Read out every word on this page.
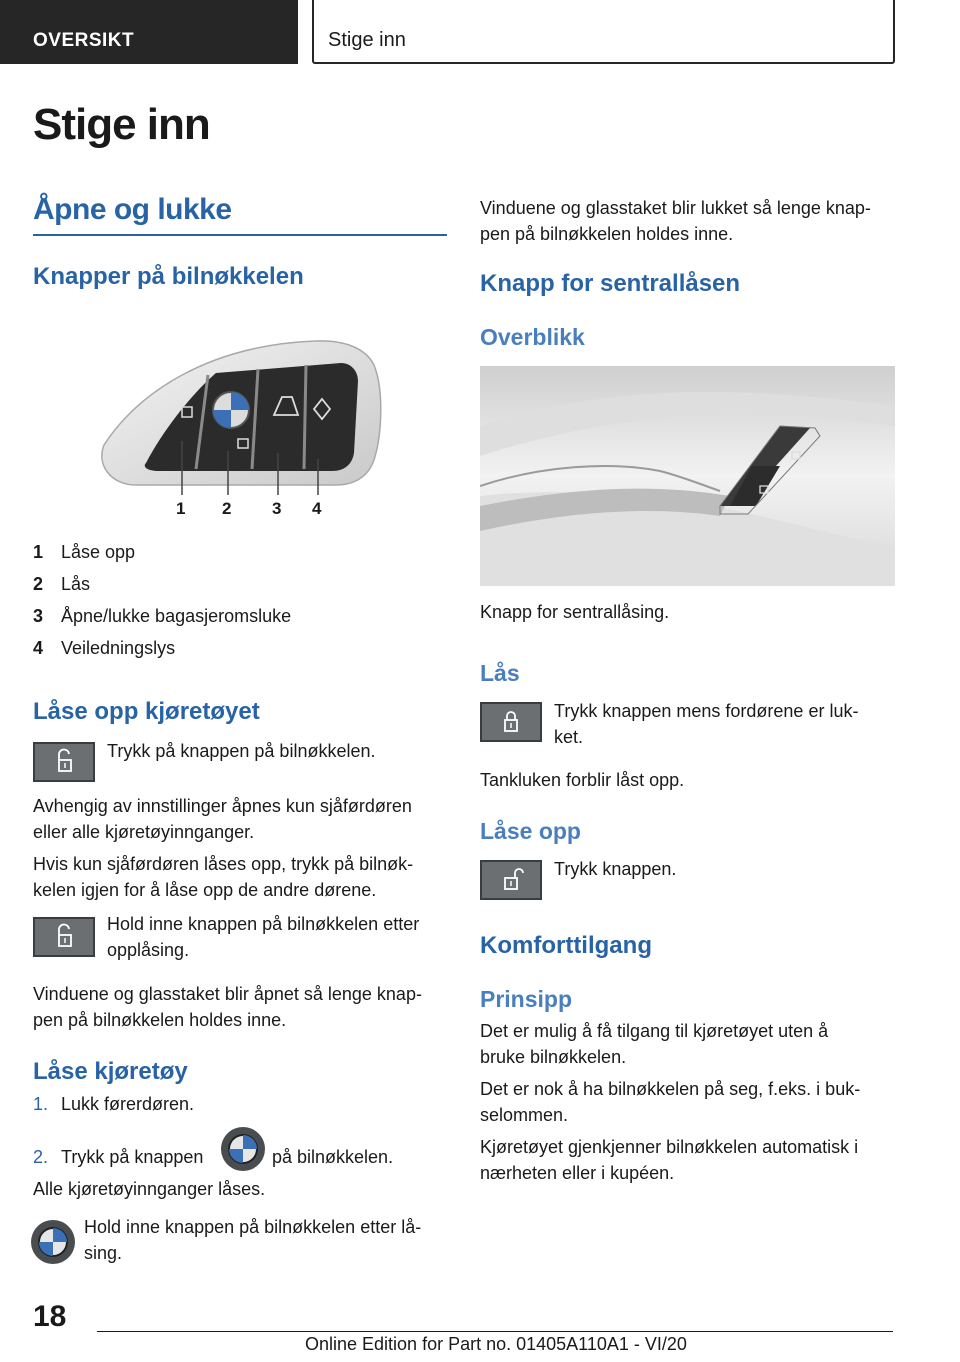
OVERSIKT	Stige inn
Stige inn
Åpne og lukke
Knapper på bilnøkkelen
1 2 3 4
1 Låse opp
2 Lås
3 Åpne/lukke bagasjeromsluke
4 Veiledningslys
Låse opp kjøretøyet
Trykk på knappen på bilnøkkelen.
Avhengig av innstillinger åpnes kun sjåførdøren
eller alle kjøretøyinnganger.
Hvis kun sjåførdøren låses opp, trykk på bilnøk-
kelen igjen for å låse opp de andre dørene.
Hold inne knappen på bilnøkkelen etter
opplåsing.
Vinduene og glasstaket blir åpnet så lenge knap-
pen på bilnøkkelen holdes inne.
Låse kjøretøy
1. Lukk førerdøren.
2. Trykk på knappen	på bilnøkkelen.
Alle kjøretøyinnganger låses.
Hold inne knappen på bilnøkkelen etter lå-
sing.
Vinduene og glasstaket blir lukket så lenge knap-
pen på bilnøkkelen holdes inne.
Knapp for sentrallåsen
Overblikk
Knapp for sentrallåsing.
Lås
Trykk knappen mens fordørene er luk-
ket.
Tankluken forblir låst opp.
Låse opp
Trykk knappen.
Komforttilgang
Prinsipp
Det er mulig å få tilgang til kjøretøyet uten å
bruke bilnøkkelen.
Det er nok å ha bilnøkkelen på seg, f.eks. i buk-
selommen.
Kjøretøyet gjenkjenner bilnøkkelen automatisk i
nærheten eller i kupéen.
18
Online Edition for Part no. 01405A110A1 - VI/20
